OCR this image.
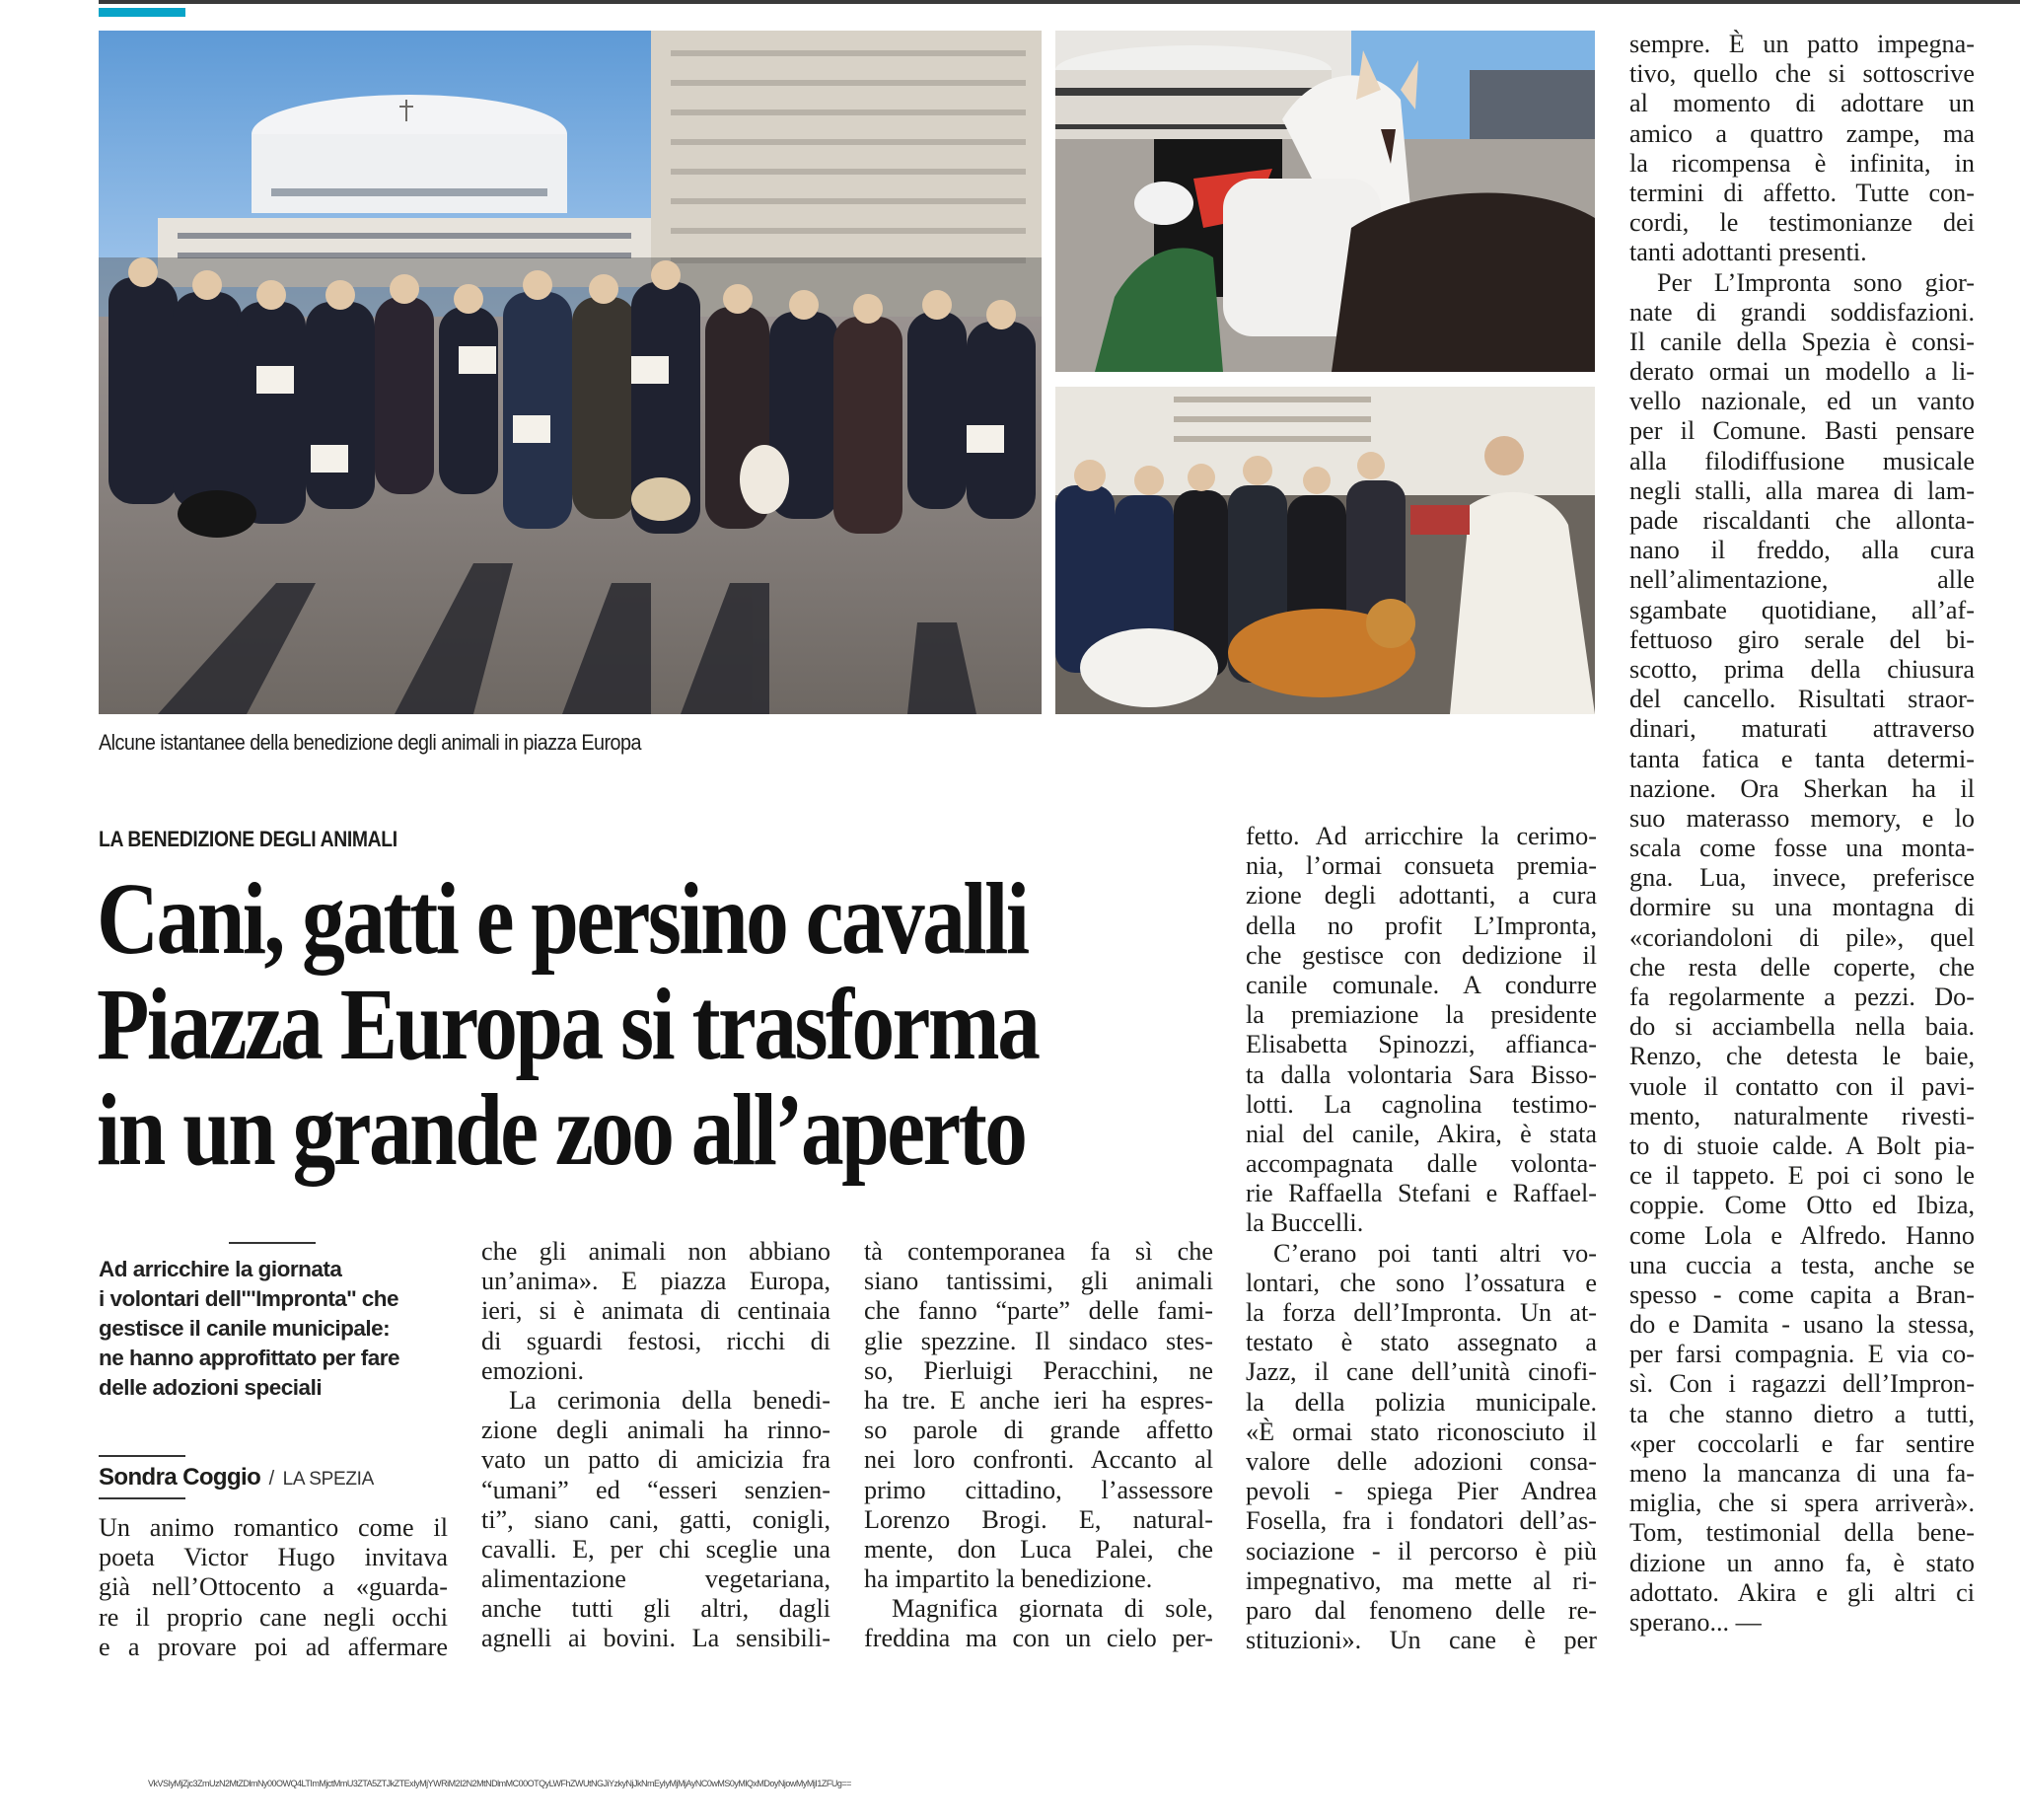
Alcune istantanee della benedizione degli animali in piazza Europa
LA BENEDIZIONE DEGLI ANIMALI
Cani, gatti e persino cavalli
Piazza Europa si trasforma
in un grande zoo all’aperto
Ad arricchire la giornata
i volontari dell'''Impronta'' che
gestisce il canile municipale:
ne hanno approfittato per fare
delle adozioni speciali
Sondra Coggio / LA SPEZIA
Un animo romantico come il
poeta Victor Hugo invitava
già nell’Ottocento a «guarda-
re il proprio cane negli occhi
e a provare poi ad affermare
che gli animali non abbiano
un’anima». E piazza Europa,
ieri, si è animata di centinaia
di sguardi festosi, ricchi di
emozioni.
La cerimonia della benedi-
zione degli animali ha rinno-
vato un patto di amicizia fra
“umani” ed “esseri senzien-
ti”, siano cani, gatti, conigli,
cavalli. E, per chi sceglie una
alimentazione vegetariana,
anche tutti gli altri, dagli
agnelli ai bovini. La sensibili-
tà contemporanea fa sì che
siano tantissimi, gli animali
che fanno “parte” delle fami-
glie spezzine. Il sindaco stes-
so, Pierluigi Peracchini, ne
ha tre. E anche ieri ha espres-
so parole di grande affetto
nei loro confronti. Accanto al
primo cittadino, l’assessore
Lorenzo Brogi. E, natural-
mente, don Luca Palei, che
ha impartito la benedizione.
Magnifica giornata di sole,
freddina ma con un cielo per-
fetto. Ad arricchire la cerimo-
nia, l’ormai consueta premia-
zione degli adottanti, a cura
della no profit L’Impronta,
che gestisce con dedizione il
canile comunale. A condurre
la premiazione la presidente
Elisabetta Spinozzi, affianca-
ta dalla volontaria Sara Bisso-
lotti. La cagnolina testimo-
nial del canile, Akira, è stata
accompagnata dalle volonta-
rie Raffaella Stefani e Raffael-
la Buccelli.
C’erano poi tanti altri vo-
lontari, che sono l’ossatura e
la forza dell’Impronta. Un at-
testato è stato assegnato a
Jazz, il cane dell’unità cinofi-
la della polizia municipale.
«È ormai stato riconosciuto il
valore delle adozioni consa-
pevoli - spiega Pier Andrea
Fosella, fra i fondatori dell’as-
sociazione - il percorso è più
impegnativo, ma mette al ri-
paro dal fenomeno delle re-
stituzioni». Un cane è per
sempre. È un patto impegna-
tivo, quello che si sottoscrive
al momento di adottare un
amico a quattro zampe, ma
la ricompensa è infinita, in
termini di affetto. Tutte con-
cordi, le testimonianze dei
tanti adottanti presenti.
Per L’Impronta sono gior-
nate di grandi soddisfazioni.
Il canile della Spezia è consi-
derato ormai un modello a li-
vello nazionale, ed un vanto
per il Comune. Basti pensare
alla filodiffusione musicale
negli stalli, alla marea di lam-
pade riscaldanti che allonta-
nano il freddo, alla cura
nell’alimentazione, alle
sgambate quotidiane, all’af-
fettuoso giro serale del bi-
scotto, prima della chiusura
del cancello. Risultati straor-
dinari, maturati attraverso
tanta fatica e tanta determi-
nazione. Ora Sherkan ha il
suo materasso memory, e lo
scala come fosse una monta-
gna. Lua, invece, preferisce
dormire su una montagna di
«coriandoloni di pile», quel
che resta delle coperte, che
fa regolarmente a pezzi. Do-
do si acciambella nella baia.
Renzo, che detesta le baie,
vuole il contatto con il pavi-
mento, naturalmente rivesti-
to di stuoie calde. A Bolt pia-
ce il tappeto. E poi ci sono le
coppie. Come Otto ed Ibiza,
come Lola e Alfredo. Hanno
una cuccia a testa, anche se
spesso - come capita a Bran-
do e Damita - usano la stessa,
per farsi compagnia. E via co-
sì. Con i ragazzi dell’Impron-
ta che stanno dietro a tutti,
«per coccolarli e far sentire
meno la mancanza di una fa-
miglia, che si spera arriverà».
Tom, testimonial della bene-
dizione un anno fa, è stato
adottato. Akira e gli altri ci
sperano... —
VkVSIyMjZjc3ZmUzN2MtZDlmNy00OWQ4LTImMjctMmU3ZTA5ZTJkZTExIyMjYWRiM2I2N2MtNDlmMC00OTQyLWFhZWUtNGJiYzkyNjJkNmEyIyMjMjAyNC0wMS0yMlQxMDoyNjowMyMjI1ZFUg==
